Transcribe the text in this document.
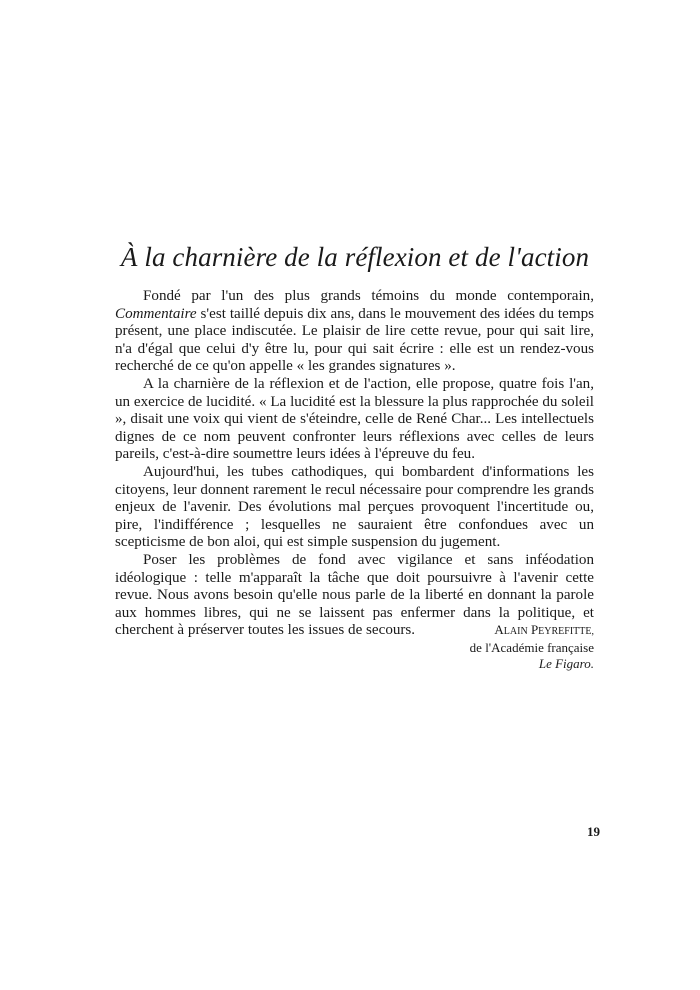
À la charnière de la réflexion et de l'action

Fondé par l'un des plus grands témoins du monde contemporain, Commentaire s'est taillé depuis dix ans, dans le mouvement des idées du temps présent, une place indiscutée. Le plaisir de lire cette revue, pour qui sait lire, n'a d'égal que celui d'y être lu, pour qui sait écrire : elle est un rendez-vous recherché de ce qu'on appelle « les grandes signatures ».

A la charnière de la réflexion et de l'action, elle propose, quatre fois l'an, un exercice de lucidité. « La lucidité est la blessure la plus rapprochée du soleil », disait une voix qui vient de s'éteindre, celle de René Char... Les intellectuels dignes de ce nom peuvent confronter leurs réflexions avec celles de leurs pareils, c'est-à-dire soumettre leurs idées à l'épreuve du feu.

Aujourd'hui, les tubes cathodiques, qui bombardent d'informations les citoyens, leur donnent rarement le recul nécessaire pour comprendre les grands enjeux de l'avenir. Des évolutions mal perçues provoquent l'incertitude ou, pire, l'indifférence ; lesquelles ne sauraient être confondues avec un scepticisme de bon aloi, qui est simple suspension du jugement.

Poser les problèmes de fond avec vigilance et sans inféodation idéologique : telle m'apparaît la tâche que doit poursuivre à l'avenir cette revue. Nous avons besoin qu'elle nous parle de la liberté en donnant la parole aux hommes libres, qui ne se laissent pas enfermer dans la politique, et cherchent à préserver toutes les issues de secours.	ALAIN PEYREFITTE,
de l'Académie française
Le Figaro.
19
